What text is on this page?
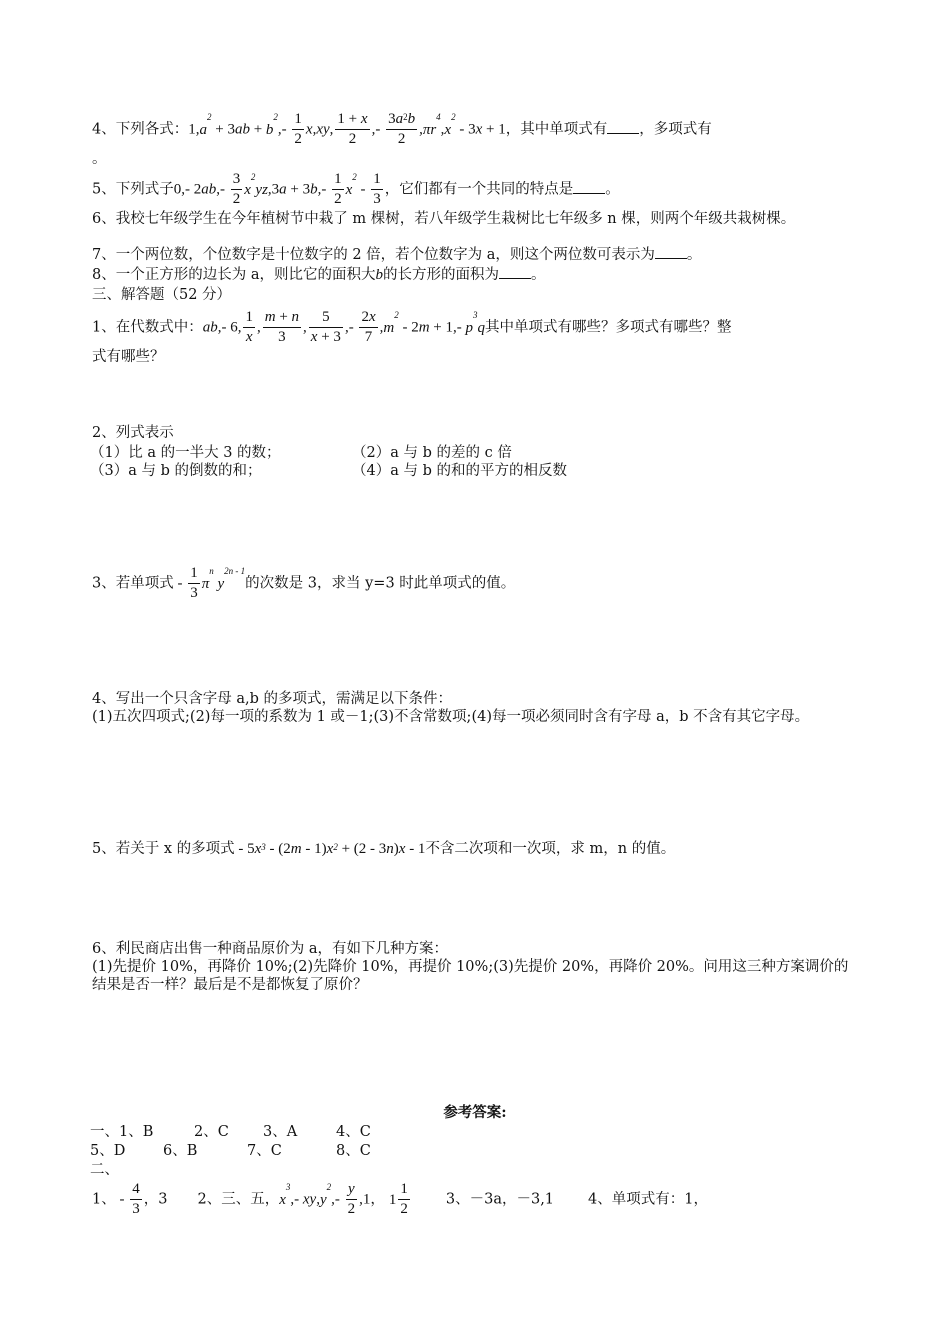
4、下列各式：$1,a^2 + 3ab + b^2,- \frac{1}{2} x,xy$, $\frac{1 + x}{2}$ ,- $\frac{3a^2b}{2} ,\pi r^4,x^2 - 3x + 1$，其中单项式有 ，多项式有
。
5、下列式子0,- $2ab,- \frac{3}{2} x^2yz,3a + 3b,- \frac{1}{2} x^2 - \frac{1}{3}$ ，它们都有一个共同的特点是 。
6、我校七年级学生在今年植树节中栽了 m 棵树，若八年级学生栽树比七年级多 n 棵，则两个年级共栽树棵。
7、一个两位数，个位数字是十位数字的 2 倍，若个位数字为 a，则这个两位数可表示为 。
8、一个正方形的边长为 a，则比它的面积大b的长方形的面积为 。
三、解答题（52 分）
1、在代数式中：ab,- 6, $\frac{1}{x}$ , $\frac{m + n}{3}$ , $\frac{5}{x + 3}$ ,- $\frac{2x}{7} ,m^2 - 2m + 1,-$ $p^3q$其中单项式有哪些？多项式有哪些？整
式有哪些？
2、列式表示
（1）比 a 的一半大 3 的数；	（2）a 与 b 的差的 c 倍
（3）a 与 b 的倒数的和；	（4）a 与 b 的和的平方的相反数
3、若单项式 - $\frac{1}{3} \pi^n$ $y^{2n - 1}$的次数是 3，求当 y=3 时此单项式的值。
4、写出一个只含字母 a,b 的多项式，需满足以下条件：
(1)五次四项式;(2)每一项的系数为 1 或－1;(3)不含常数项;(4)每一项必须同时含有字母 a，b 不含有其它字母。
5、若关于 x 的多项式 - $5x^3 - (2m - 1)x^2 + (2 - 3n)x - 1$不含二次项和一次项，求 m，n 的值。
6、利民商店出售一种商品原价为 a，有如下几种方案：
(1)先提价 10%，再降价 10%;(2)先降价 10%，再提价 10%;(3)先提价 20%，再降价 20%。问用这三种方案调价的结果是否一样？最后是不是都恢复了原价？
参考答案:
一、1、B	2、C 3、A	4、C
5、D	6、B	7、C	8、C
二、
1、 - $\frac{4}{3}$ ，3 2、三、五，$x^3,-$ $xy,y^2,- \frac{y}{2} ,1$， $1 \frac{1}{2} 3$、－3a，－3,1 4、单项式有：1，
